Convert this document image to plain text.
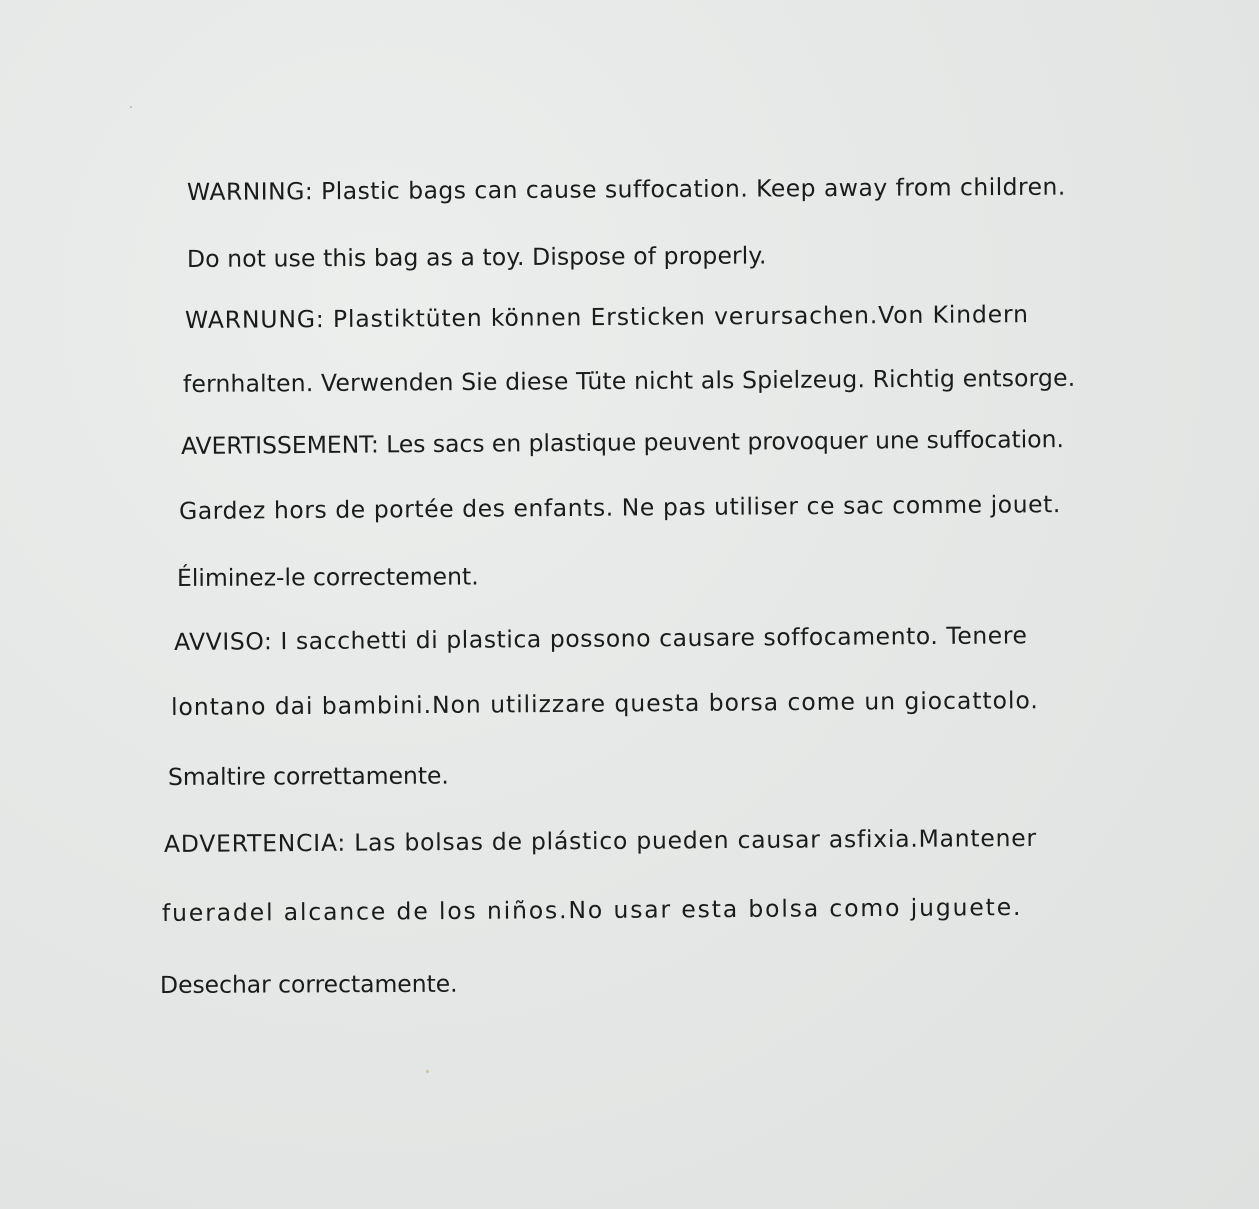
WARNING: Plastic bags can cause suffocation. Keep away from children.
Do not use this bag as a toy. Dispose of properly.
WARNUNG: Plastiktüten können Ersticken verursachen.Von Kindern
fernhalten. Verwenden Sie diese Tüte nicht als Spielzeug. Richtig entsorge.
AVERTISSEMENT: Les sacs en plastique peuvent provoquer une suffocation.
Gardez hors de portée des enfants. Ne pas utiliser ce sac comme jouet.
Éliminez-le correctement.
AVVISO: I sacchetti di plastica possono causare soffocamento. Tenere
lontano dai bambini.Non utilizzare questa borsa come un giocattolo.
Smaltire correttamente.
ADVERTENCIA: Las bolsas de plástico pueden causar asfixia.Mantener
fueradel alcance de los niños.No usar esta bolsa como juguete.
Desechar correctamente.
